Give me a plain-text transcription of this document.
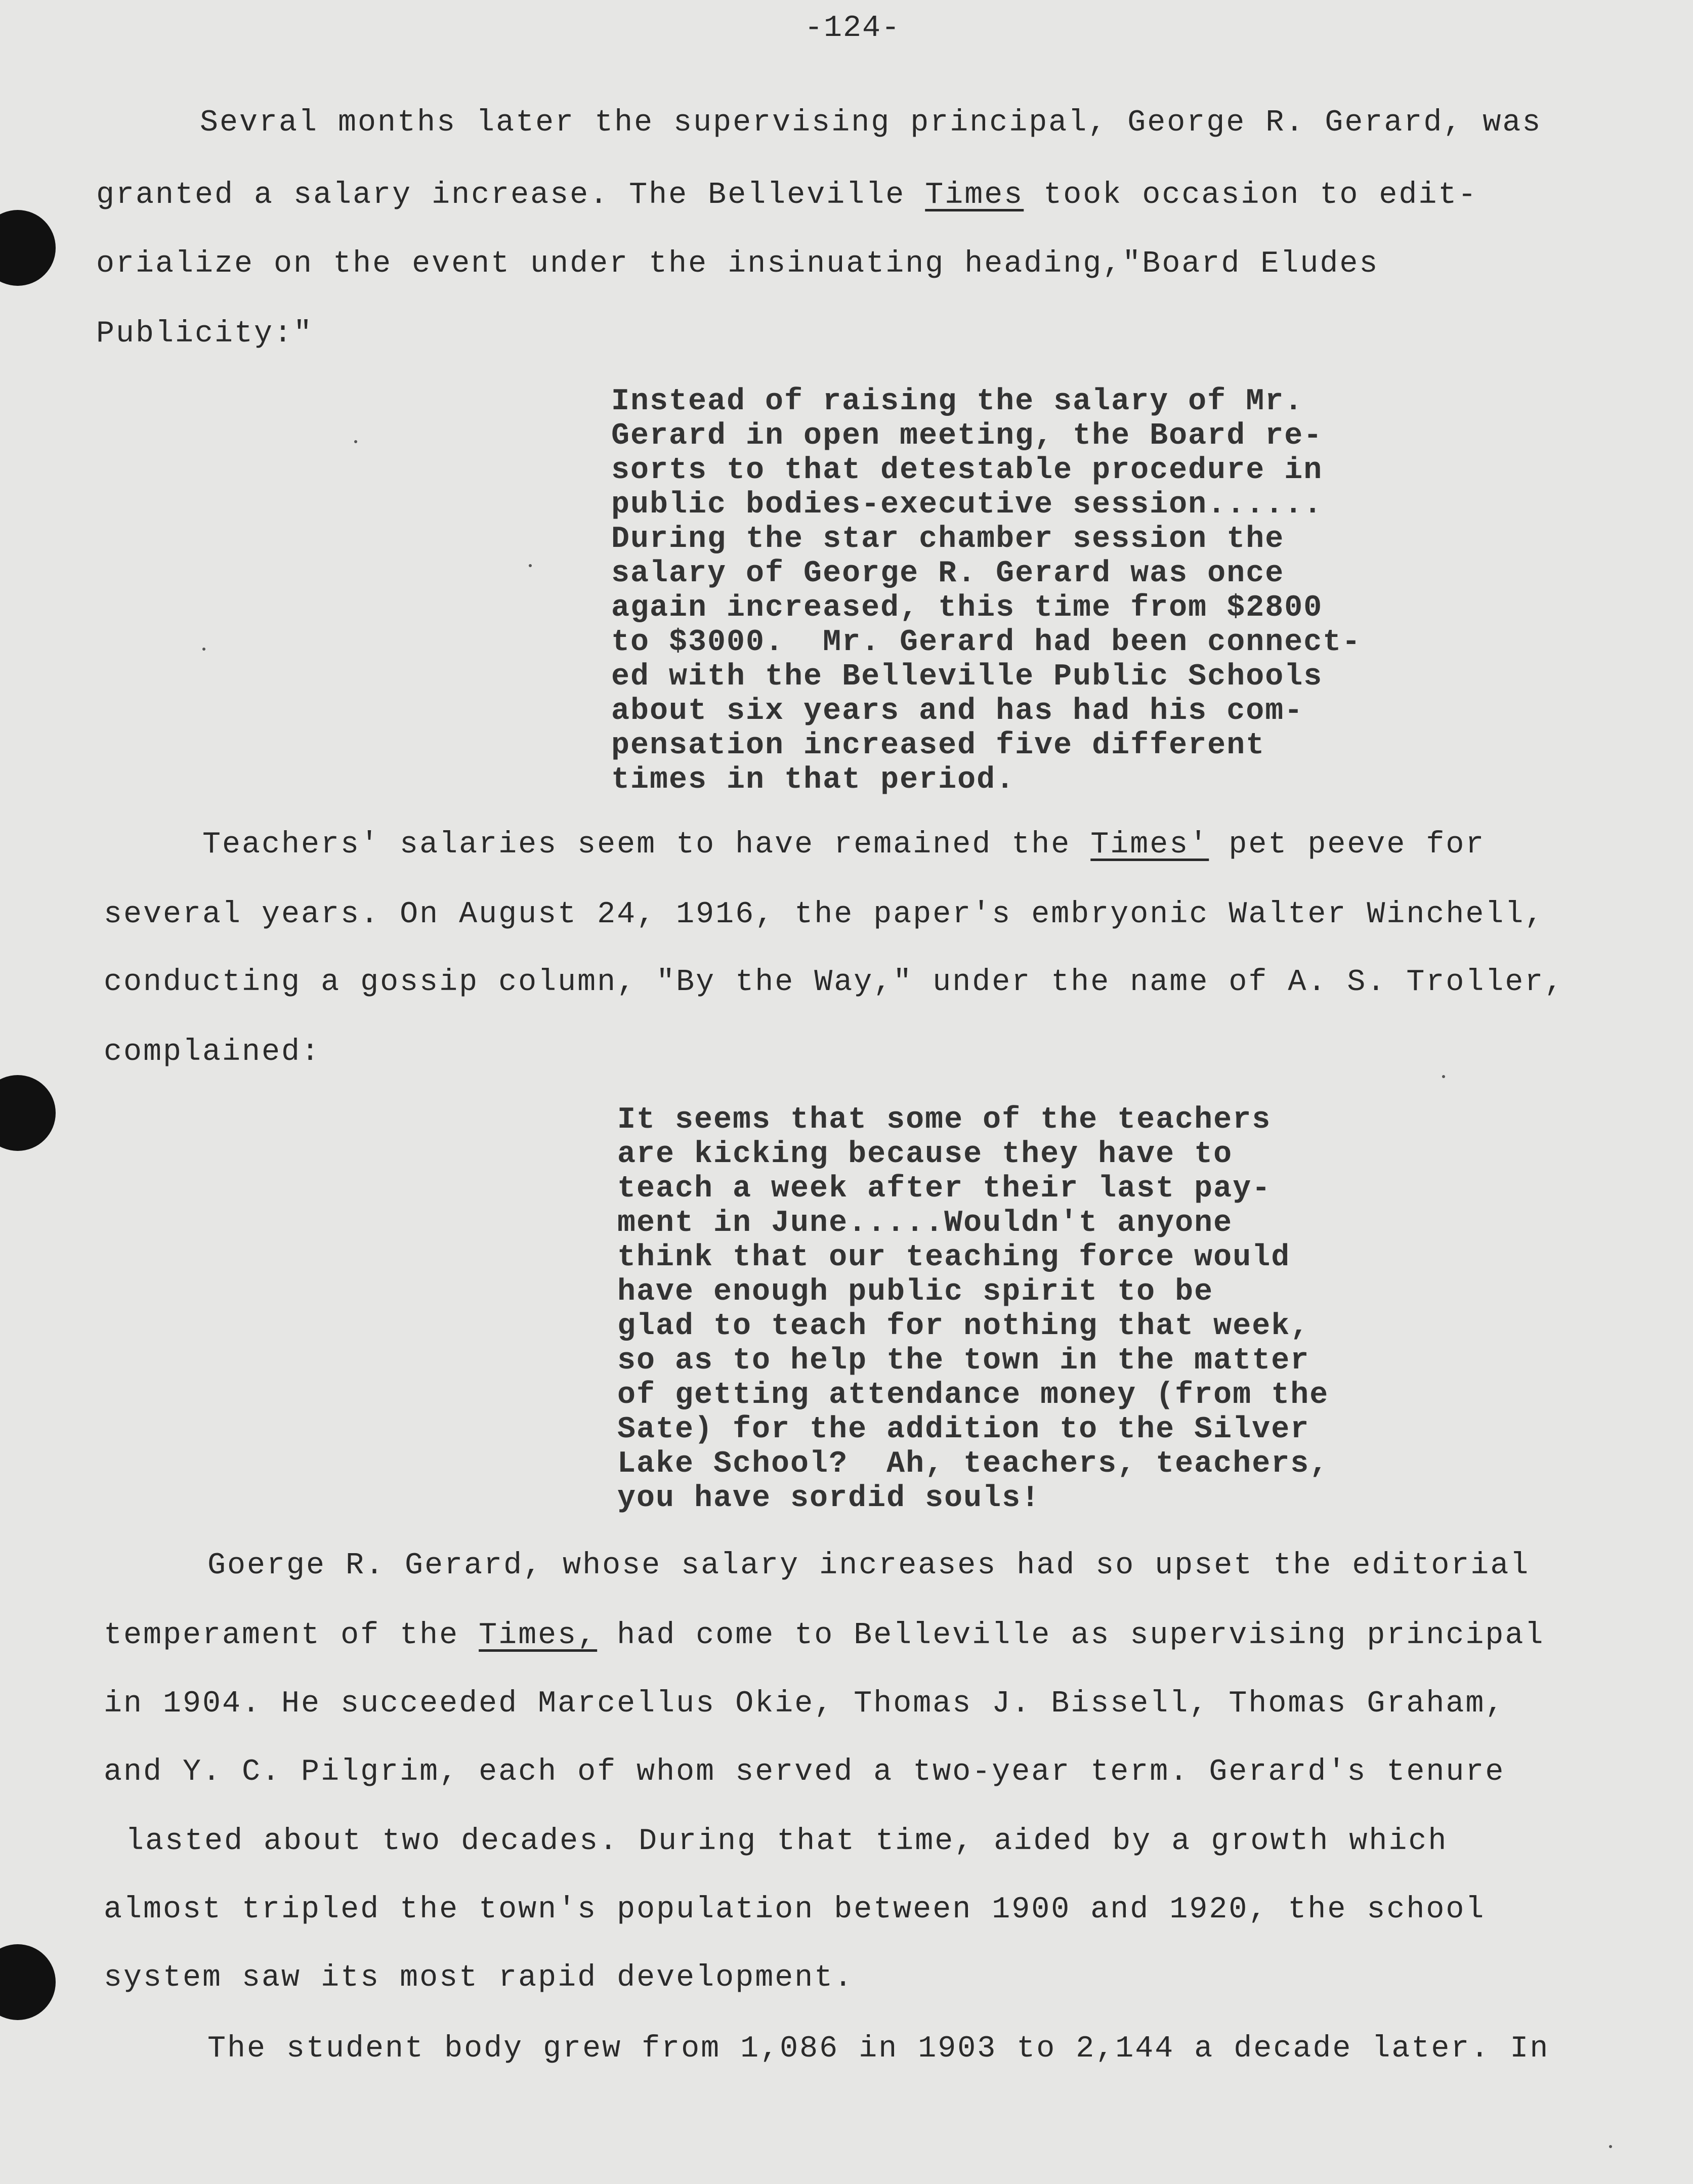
-124-
Sevral months later the supervising principal, George R. Gerard, was
granted a salary increase. The Belleville Times took occasion to edit-
orialize on the event under the insinuating heading,"Board Eludes
Publicity:"
Instead of raising the salary of Mr.
Gerard in open meeting, the Board re-
sorts to that detestable procedure in
public bodies-executive session......
During the star chamber session the
salary of George R. Gerard was once
again increased, this time from $2800
to $3000.  Mr. Gerard had been connect-
ed with the Belleville Public Schools
about six years and has had his com-
pensation increased five different
times in that period.
Teachers' salaries seem to have remained the Times' pet peeve for
several years. On August 24, 1916, the paper's embryonic Walter Winchell,
conducting a gossip column, "By the Way," under the name of A. S. Troller,
complained:
It seems that some of the teachers
are kicking because they have to
teach a week after their last pay-
ment in June.....Wouldn't anyone
think that our teaching force would
have enough public spirit to be
glad to teach for nothing that week,
so as to help the town in the matter
of getting attendance money (from the
Sate) for the addition to the Silver
Lake School?  Ah, teachers, teachers,
you have sordid souls!
Goerge R. Gerard, whose salary increases had so upset the editorial
temperament of the Times, had come to Belleville as supervising principal
in 1904. He succeeded Marcellus Okie, Thomas J. Bissell, Thomas Graham,
and Y. C. Pilgrim, each of whom served a two-year term. Gerard's tenure
lasted about two decades. During that time, aided by a growth which
almost tripled the town's population between 1900 and 1920, the school
system saw its most rapid development.
The student body grew from 1,086 in 1903 to 2,144 a decade later. In
